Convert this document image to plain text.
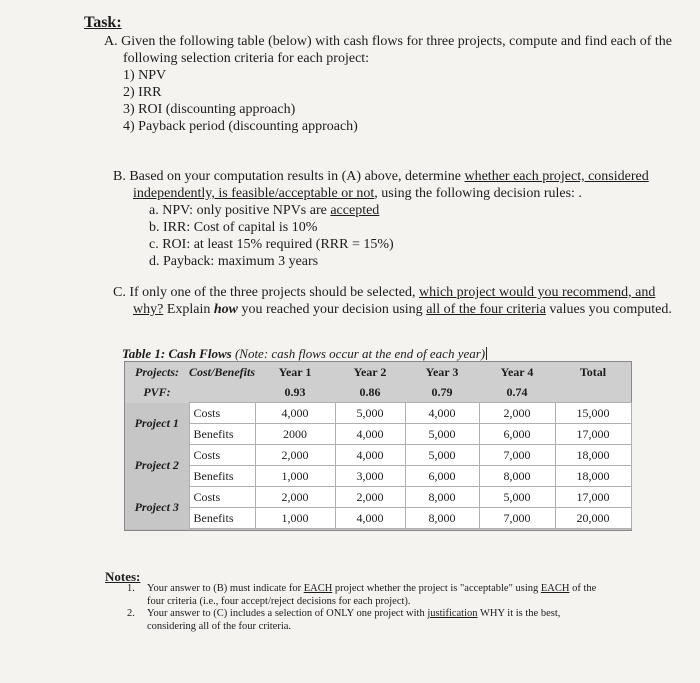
Task:
A. Given the following table (below) with cash flows for three projects, compute and find each of the
following selection criteria for each project:
1) NPV
2) IRR
3) ROI (discounting approach)
4) Payback period (discounting approach)
B. Based on your computation results in (A) above, determine whether each project, considered
independently, is feasible/acceptable or not, using the following decision rules: .
a. NPV: only positive NPVs are accepted
b. IRR: Cost of capital is 10%
c. ROI: at least 15% required (RRR = 15%)
d. Payback: maximum 3 years
C. If only one of the three projects should be selected, which project would you recommend, and
why? Explain how you reached your decision using all of the four criteria values you computed.
Table 1: Cash Flows (Note: cash flows occur at the end of each year)
Projects:	Cost/Benefits	Year 1	Year 2	Year 3	Year 4	Total
PVF:		0.93	0.86	0.79	0.74	
Project 1	Costs	4,000	5,000	4,000	2,000	15,000
	Benefits	2000	4,000	5,000	6,000	17,000
Project 2	Costs	2,000	4,000	5,000	7,000	18,000
	Benefits	1,000	3,000	6,000	8,000	18,000
Project 3	Costs	2,000	2,000	8,000	5,000	17,000
	Benefits	1,000	4,000	8,000	7,000	20,000
Notes:
1. Your answer to (B) must indicate for EACH project whether the project is "acceptable" using EACH of the
four criteria (i.e., four accept/reject decisions for each project).
2. Your answer to (C) includes a selection of ONLY one project with justification WHY it is the best,
considering all of the four criteria.
